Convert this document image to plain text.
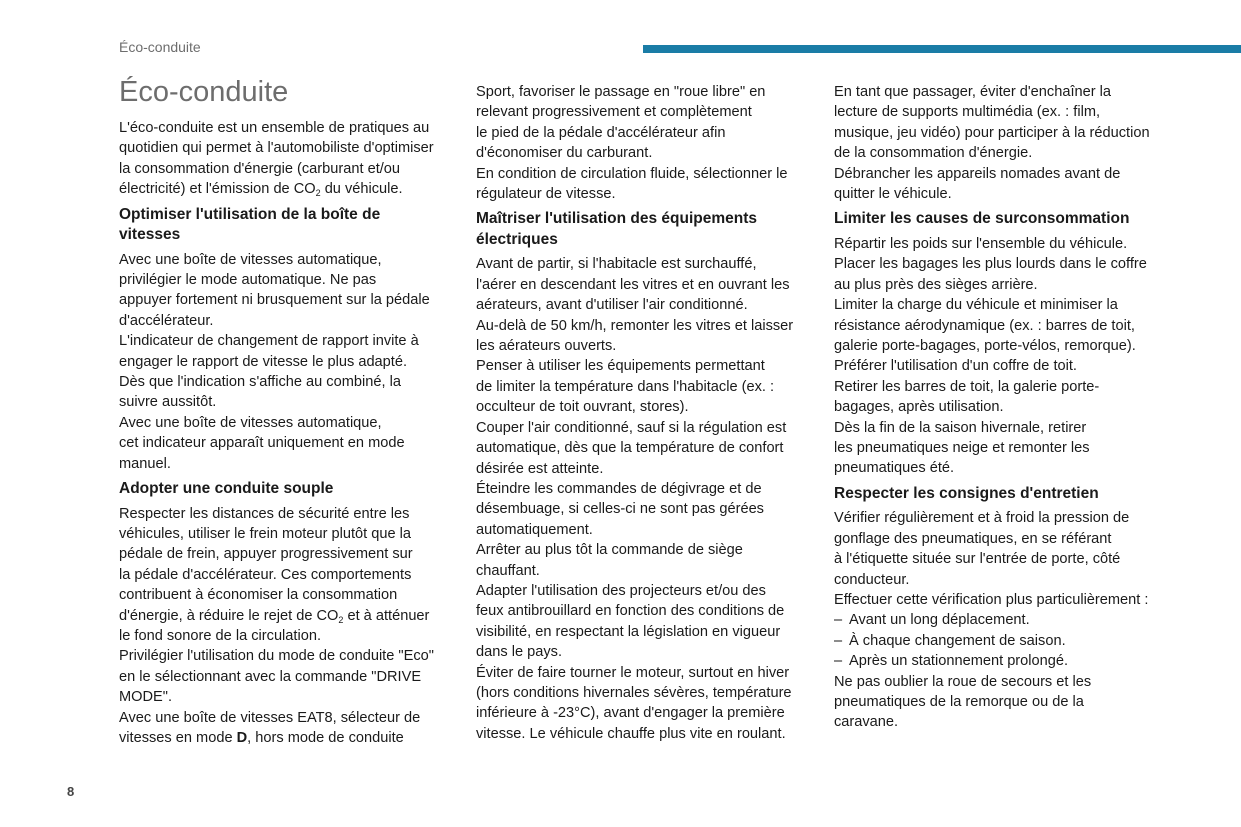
Éco-conduite
Éco-conduite

L'éco-conduite est un ensemble de pratiques au

quotidien qui permet à l'automobiliste d'optimiser

la consommation d'énergie (carburant et/ou

électricité) et l'émission de $CO_2$ du véhicule.

Optimiser l'utilisation de la boîte de
vitesses

Avec une boîte de vitesses automatique,

privilégier le mode automatique. Ne pas

appuyer fortement ni brusquement sur la pédale

d'accélérateur.

L'indicateur de changement de rapport invite à

engager le rapport de vitesse le plus adapté.

Dès que l'indication s'affiche au combiné, la

suivre aussitôt.

Avec une boîte de vitesses automatique,

cet indicateur apparaît uniquement en mode

manuel.

Adopter une conduite souple

Respecter les distances de sécurité entre les

véhicules, utiliser le frein moteur plutôt que la

pédale de frein, appuyer progressivement sur

la pédale d'accélérateur. Ces comportements

contribuent à économiser la consommation

d'énergie, à réduire le rejet de $CO_2$ et à atténuer

le fond sonore de la circulation.

Privilégier l'utilisation du mode de conduite "Eco"

en le sélectionnant avec la commande "DRIVE

MODE".

Avec une boîte de vitesses EAT8, sélecteur de

vitesses en mode D, hors mode de conduite

Sport, favoriser le passage en "roue libre" en

relevant progressivement et complètement

le pied de la pédale d'accélérateur afin

d'économiser du carburant.

En condition de circulation fluide, sélectionner le

régulateur de vitesse.

Maîtriser l'utilisation des équipements
électriques

Avant de partir, si l'habitacle est surchauffé,

l'aérer en descendant les vitres et en ouvrant les

aérateurs, avant d'utiliser l'air conditionné.

Au-delà de 50 km/h, remonter les vitres et laisser

les aérateurs ouverts.

Penser à utiliser les équipements permettant

de limiter la température dans l'habitacle (ex. :

occulteur de toit ouvrant, stores).

Couper l'air conditionné, sauf si la régulation est

automatique, dès que la température de confort

désirée est atteinte.

Éteindre les commandes de dégivrage et de

désembuage, si celles-ci ne sont pas gérées

automatiquement.

Arrêter au plus tôt la commande de siège

chauffant.

Adapter l'utilisation des projecteurs et/ou des

feux antibrouillard en fonction des conditions de

visibilité, en respectant la législation en vigueur

dans le pays.

Éviter de faire tourner le moteur, surtout en hiver

(hors conditions hivernales sévères, température

inférieure à -23°C), avant d'engager la première

vitesse. Le véhicule chauffe plus vite en roulant.

En tant que passager, éviter d'enchaîner la

lecture de supports multimédia (ex. : film,

musique, jeu vidéo) pour participer à la réduction

de la consommation d'énergie.

Débrancher les appareils nomades avant de

quitter le véhicule.

Limiter les causes de surconsommation

Répartir les poids sur l'ensemble du véhicule.

Placer les bagages les plus lourds dans le coffre

au plus près des sièges arrière.

Limiter la charge du véhicule et minimiser la

résistance aérodynamique (ex. : barres de toit,

galerie porte-bagages, porte-vélos, remorque).

Préférer l'utilisation d'un coffre de toit.

Retirer les barres de toit, la galerie porte-

bagages, après utilisation.

Dès la fin de la saison hivernale, retirer

les pneumatiques neige et remonter les

pneumatiques été.

Respecter les consignes d'entretien

Vérifier régulièrement et à froid la pression de

gonflage des pneumatiques, en se référant

à l'étiquette située sur l'entrée de porte, côté

conducteur.

Effectuer cette vérification plus particulièrement :

– Avant un long déplacement.
– À chaque changement de saison.
– Après un stationnement prolongé.

Ne pas oublier la roue de secours et les

pneumatiques de la remorque ou de la

caravane.

8
